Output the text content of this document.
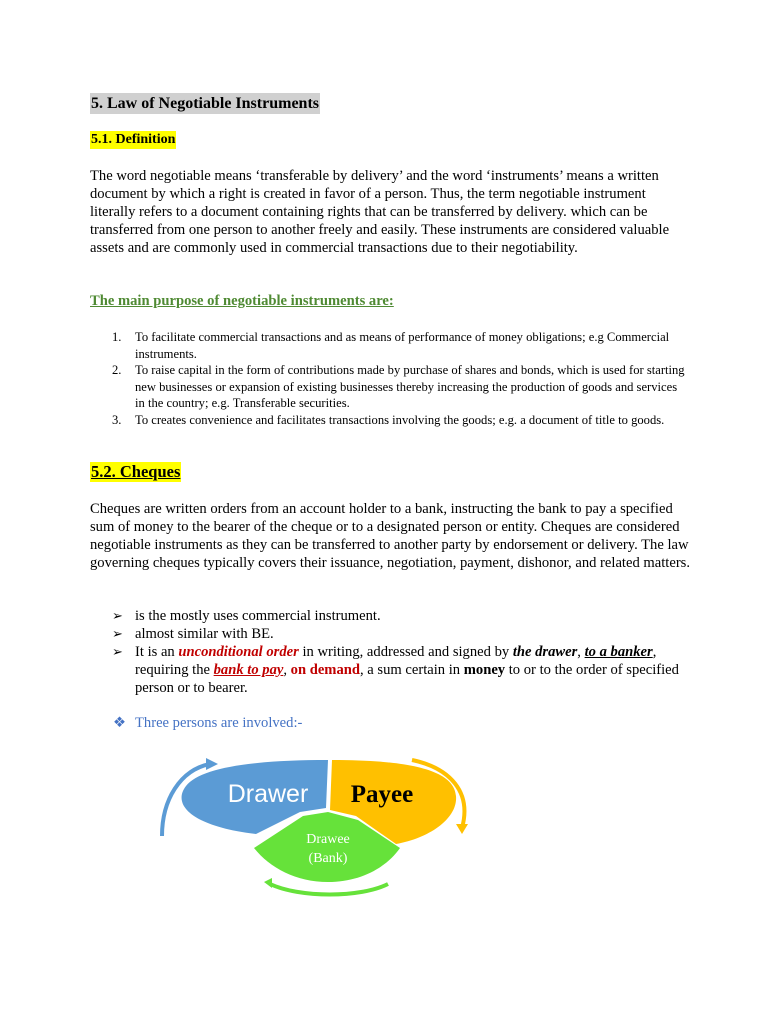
5. Law of Negotiable Instruments
5.1. Definition

The word negotiable means ‘transferable by delivery’ and the word ‘instruments’ means a written document by which a right is created in favor of a person. Thus, the term negotiable instrument literally refers to a document containing rights that can be transferred by delivery. which can be transferred from one person to another freely and easily. These instruments are considered valuable assets and are commonly used in commercial transactions due to their negotiability.

The main purpose of negotiable instruments are:

1. To facilitate commercial transactions and as means of performance of money obligations; e.g Commercial instruments.
2. To raise capital in the form of contributions made by purchase of shares and bonds, which is used for starting new businesses or expansion of existing businesses thereby increasing the production of goods and services in the country; e.g. Transferable securities.
3. To creates convenience and facilitates transactions involving the goods; e.g. a document of title to goods.
5.2. Cheques

Cheques are written orders from an account holder to a bank, instructing the bank to pay a specified sum of money to the bearer of the cheque or to a designated person or entity. Cheques are considered negotiable instruments as they can be transferred to another party by endorsement or delivery. The law governing cheques typically covers their issuance, negotiation, payment, dishonor, and related matters.

➢ is the mostly uses commercial instrument.
➢ almost similar with BE.
➢ It is an unconditional order in writing, addressed and signed by the drawer, to a banker, requiring the bank to pay, on demand, a sum certain in money to or to the order of specified person or to bearer.

❖ Three persons are involved:-

Drawer Payee
Drawee
(Bank)
